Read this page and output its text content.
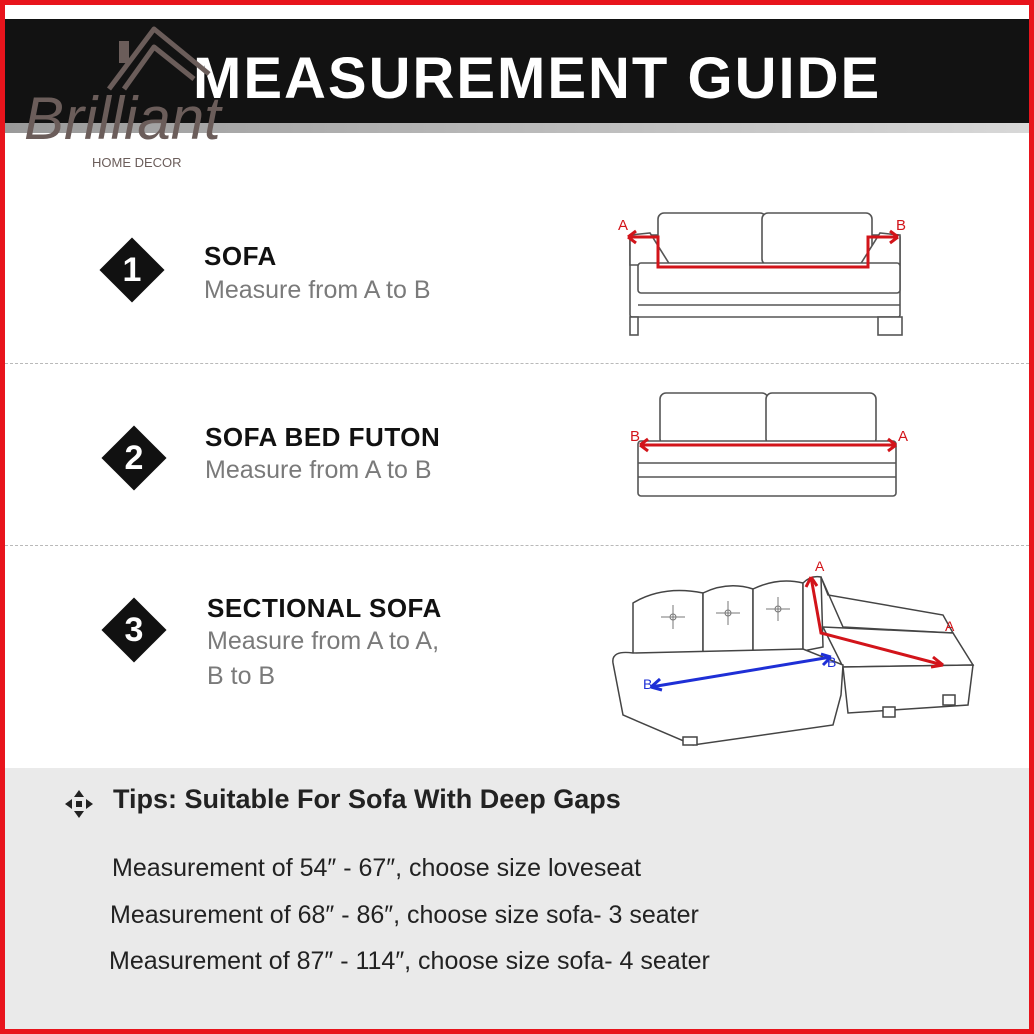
MEASUREMENT GUIDE
Brilliant
HOME DECOR
1	SOFA
Measure from A to B
A	B
2
SOFA BED FUTON
Measure from A to B
B	A
3
SECTIONAL SOFA
Measure from A to A,
B to B
A
A
B
B
Tips: Suitable For Sofa With Deep Gaps
Measurement of 54″ - 67″, choose size loveseat
Measurement of 68″ - 86″, choose size sofa- 3 seater
Measurement of 87″ - 114″, choose size sofa- 4 seater
